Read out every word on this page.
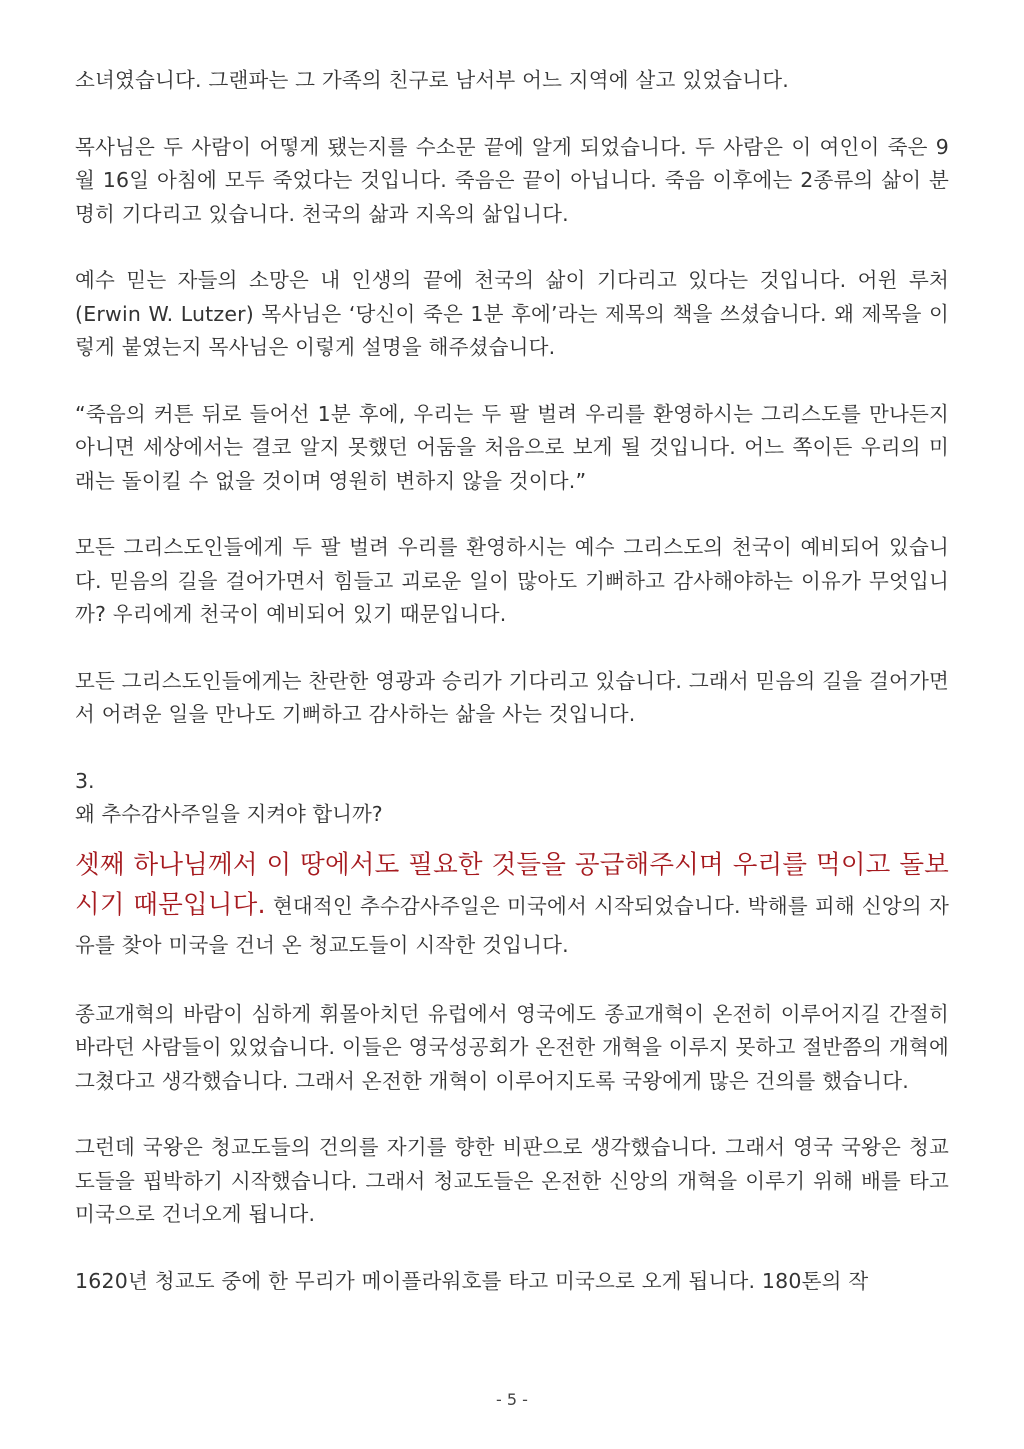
소녀였습니다. 그랜파는 그 가족의 친구로 남서부 어느 지역에 살고 있었습니다.

목사님은 두 사람이 어떻게 됐는지를 수소문 끝에 알게 되었습니다. 두 사람은 이 여인이 죽은 9월 16일 아침에 모두 죽었다는 것입니다. 죽음은 끝이 아닙니다. 죽음 이후에는 2종류의 삶이 분명히 기다리고 있습니다. 천국의 삶과 지옥의 삶입니다.

예수 믿는 자들의 소망은 내 인생의 끝에 천국의 삶이 기다리고 있다는 것입니다. 어윈 루처(Erwin W. Lutzer) 목사님은 ‘당신이 죽은 1분 후에’라는 제목의 책을 쓰셨습니다. 왜 제목을 이렇게 붙였는지 목사님은 이렇게 설명을 해주셨습니다.

“죽음의 커튼 뒤로 들어선 1분 후에, 우리는 두 팔 벌려 우리를 환영하시는 그리스도를 만나든지 아니면 세상에서는 결코 알지 못했던 어둠을 처음으로 보게 될 것입니다. 어느 쪽이든 우리의 미래는 돌이킬 수 없을 것이며 영원히 변하지 않을 것이다.”

모든 그리스도인들에게 두 팔 벌려 우리를 환영하시는 예수 그리스도의 천국이 예비되어 있습니다. 믿음의 길을 걸어가면서 힘들고 괴로운 일이 많아도 기뻐하고 감사해야하는 이유가 무엇입니까? 우리에게 천국이 예비되어 있기 때문입니다.

모든 그리스도인들에게는 찬란한 영광과 승리가 기다리고 있습니다. 그래서 믿음의 길을 걸어가면서 어려운 일을 만나도 기뻐하고 감사하는 삶을 사는 것입니다.

3.

왜 추수감사주일을 지켜야 합니까?

셋째 하나님께서 이 땅에서도 필요한 것들을 공급해주시며 우리를 먹이고 돌보시기 때문입니다. 현대적인 추수감사주일은 미국에서 시작되었습니다. 박해를 피해 신앙의 자유를 찾아 미국을 건너 온 청교도들이 시작한 것입니다.

종교개혁의 바람이 심하게 휘몰아치던 유럽에서 영국에도 종교개혁이 온전히 이루어지길 간절히 바라던 사람들이 있었습니다. 이들은 영국성공회가 온전한 개혁을 이루지 못하고 절반쯤의 개혁에 그쳤다고 생각했습니다. 그래서 온전한 개혁이 이루어지도록 국왕에게 많은 건의를 했습니다.

그런데 국왕은 청교도들의 건의를 자기를 향한 비판으로 생각했습니다. 그래서 영국 국왕은 청교도들을 핍박하기 시작했습니다. 그래서 청교도들은 온전한 신앙의 개혁을 이루기 위해 배를 타고 미국으로 건너오게 됩니다.

1620년 청교도 중에 한 무리가 메이플라워호를 타고 미국으로 오게 됩니다. 180톤의 작

- 5 -
